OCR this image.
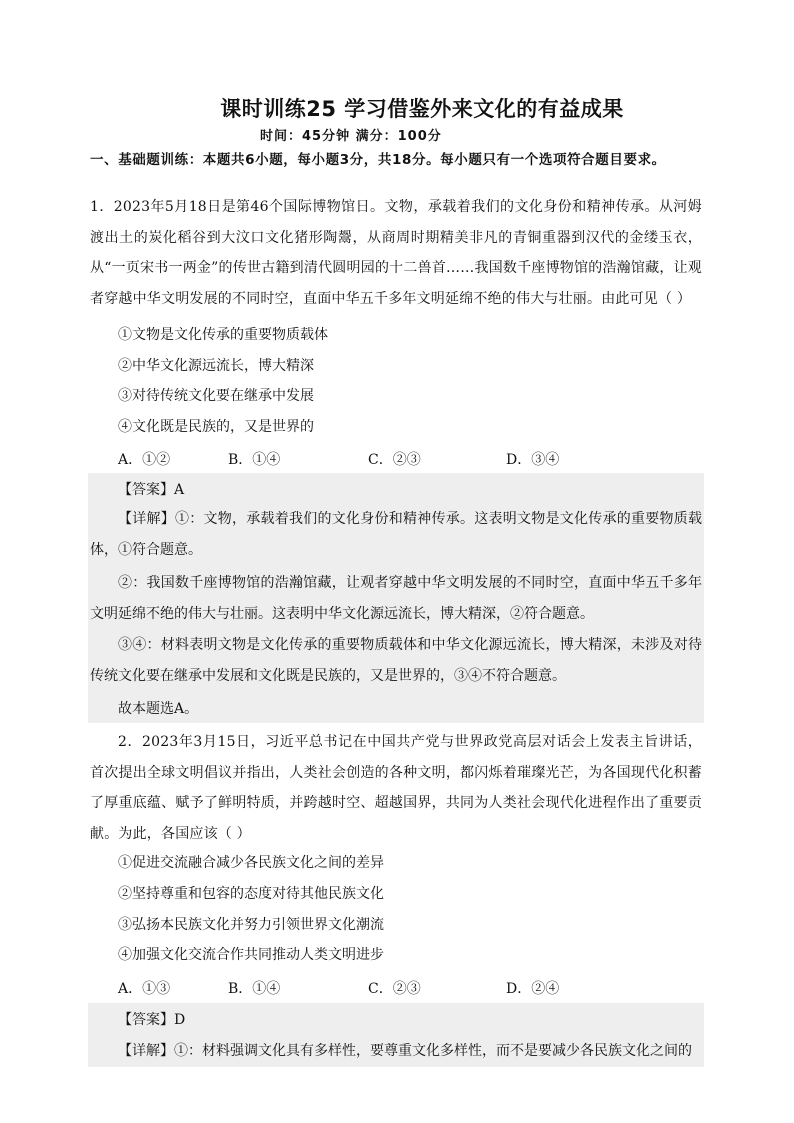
课时训练25 学习借鉴外来文化的有益成果
时间：45分钟 满分：100分
一、基础题训练：本题共6小题，每小题3分，共18分。每小题只有一个选项符合题目要求。

1．2023年5月18日是第46个国际博物馆日。文物，承载着我们的文化身份和精神传承。从河姆渡出土的炭化稻谷到大汶口文化猪形陶鬶，从商周时期精美非凡的青铜重器到汉代的金缕玉衣，从“一页宋书一两金”的传世古籍到清代圆明园的十二兽首……我国数千座博物馆的浩瀚馆藏，让观者穿越中华文明发展的不同时空，直面中华五千多年文明延绵不绝的伟大与壮丽。由此可见（ ）

①文物是文化传承的重要物质载体
②中华文化源远流长，博大精深
③对待传统文化要在继承中发展
④文化既是民族的，又是世界的
A．①②	B．①④	C．②③	D．③④
【答案】A

【详解】①：文物，承载着我们的文化身份和精神传承。这表明文物是文化传承的重要物质载体，①符合题意。

②：我国数千座博物馆的浩瀚馆藏，让观者穿越中华文明发展的不同时空，直面中华五千多年文明延绵不绝的伟大与壮丽。这表明中华文化源远流长，博大精深，②符合题意。

③④：材料表明文物是文化传承的重要物质载体和中华文化源远流长，博大精深，未涉及对待传统文化要在继承中发展和文化既是民族的，又是世界的，③④不符合题意。

故本题选A。

2．2023年3月15日，习近平总书记在中国共产党与世界政党高层对话会上发表主旨讲话，首次提出全球文明倡议并指出，人类社会创造的各种文明，都闪烁着璀璨光芒，为各国现代化积蓄了厚重底蕴、赋予了鲜明特质，并跨越时空、超越国界，共同为人类社会现代化进程作出了重要贡献。为此，各国应该（ ）

①促进交流融合减少各民族文化之间的差异
②坚持尊重和包容的态度对待其他民族文化
③弘扬本民族文化并努力引领世界文化潮流
④加强文化交流合作共同推动人类文明进步
A．①③	B．①④	C．②③	D．②④
【答案】D

【详解】①：材料强调文化具有多样性，要尊重文化多样性，而不是要减少各民族文化之间的
